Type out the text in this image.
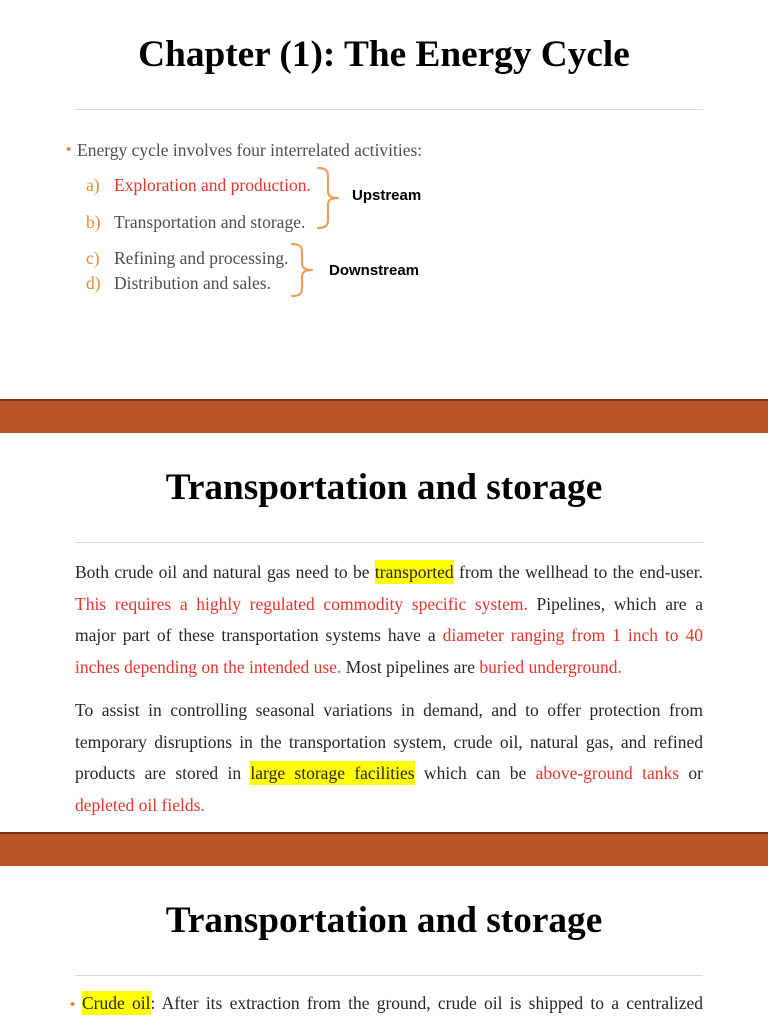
Chapter (1): The Energy Cycle
• Energy cycle involves four interrelated activities:
a) Exploration and production.
b) Transportation and storage.
Upstream
c) Refining and processing.
d) Distribution and sales.
Downstream
Transportation and storage
Both crude oil and natural gas need to be transported from the wellhead to the end-user.
This requires a highly regulated commodity specific system. Pipelines, which are a
major part of these transportation systems have a diameter ranging from 1 inch to 40
inches depending on the intended use. Most pipelines are buried underground.
To assist in controlling seasonal variations in demand, and to offer protection from
temporary disruptions in the transportation system, crude oil, natural gas, and refined
products are stored in large storage facilities which can be above-ground tanks or
depleted oil fields.
Transportation and storage
• Crude oil: After its extraction from the ground, crude oil is shipped to a centralized
